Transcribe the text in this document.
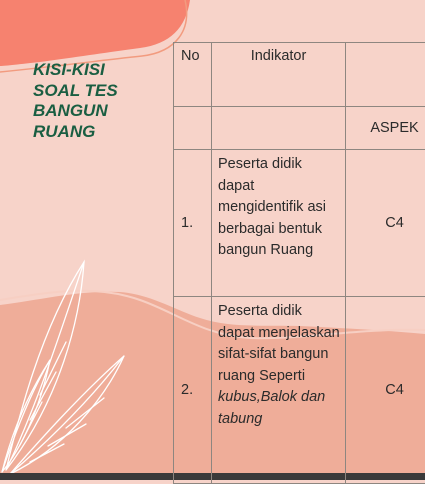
KISI-KISI
SOAL TES
BANGUN
RUANG
No	Indikator	
		ASPEK
1.	Peserta didik dapat mengidentifik asi berbagai bentuk bangun Ruang	C4
2.	Peserta didik dapat menjelaskan sifat-sifat bangun ruang Seperti kubus,Balok dan tabung	C4
